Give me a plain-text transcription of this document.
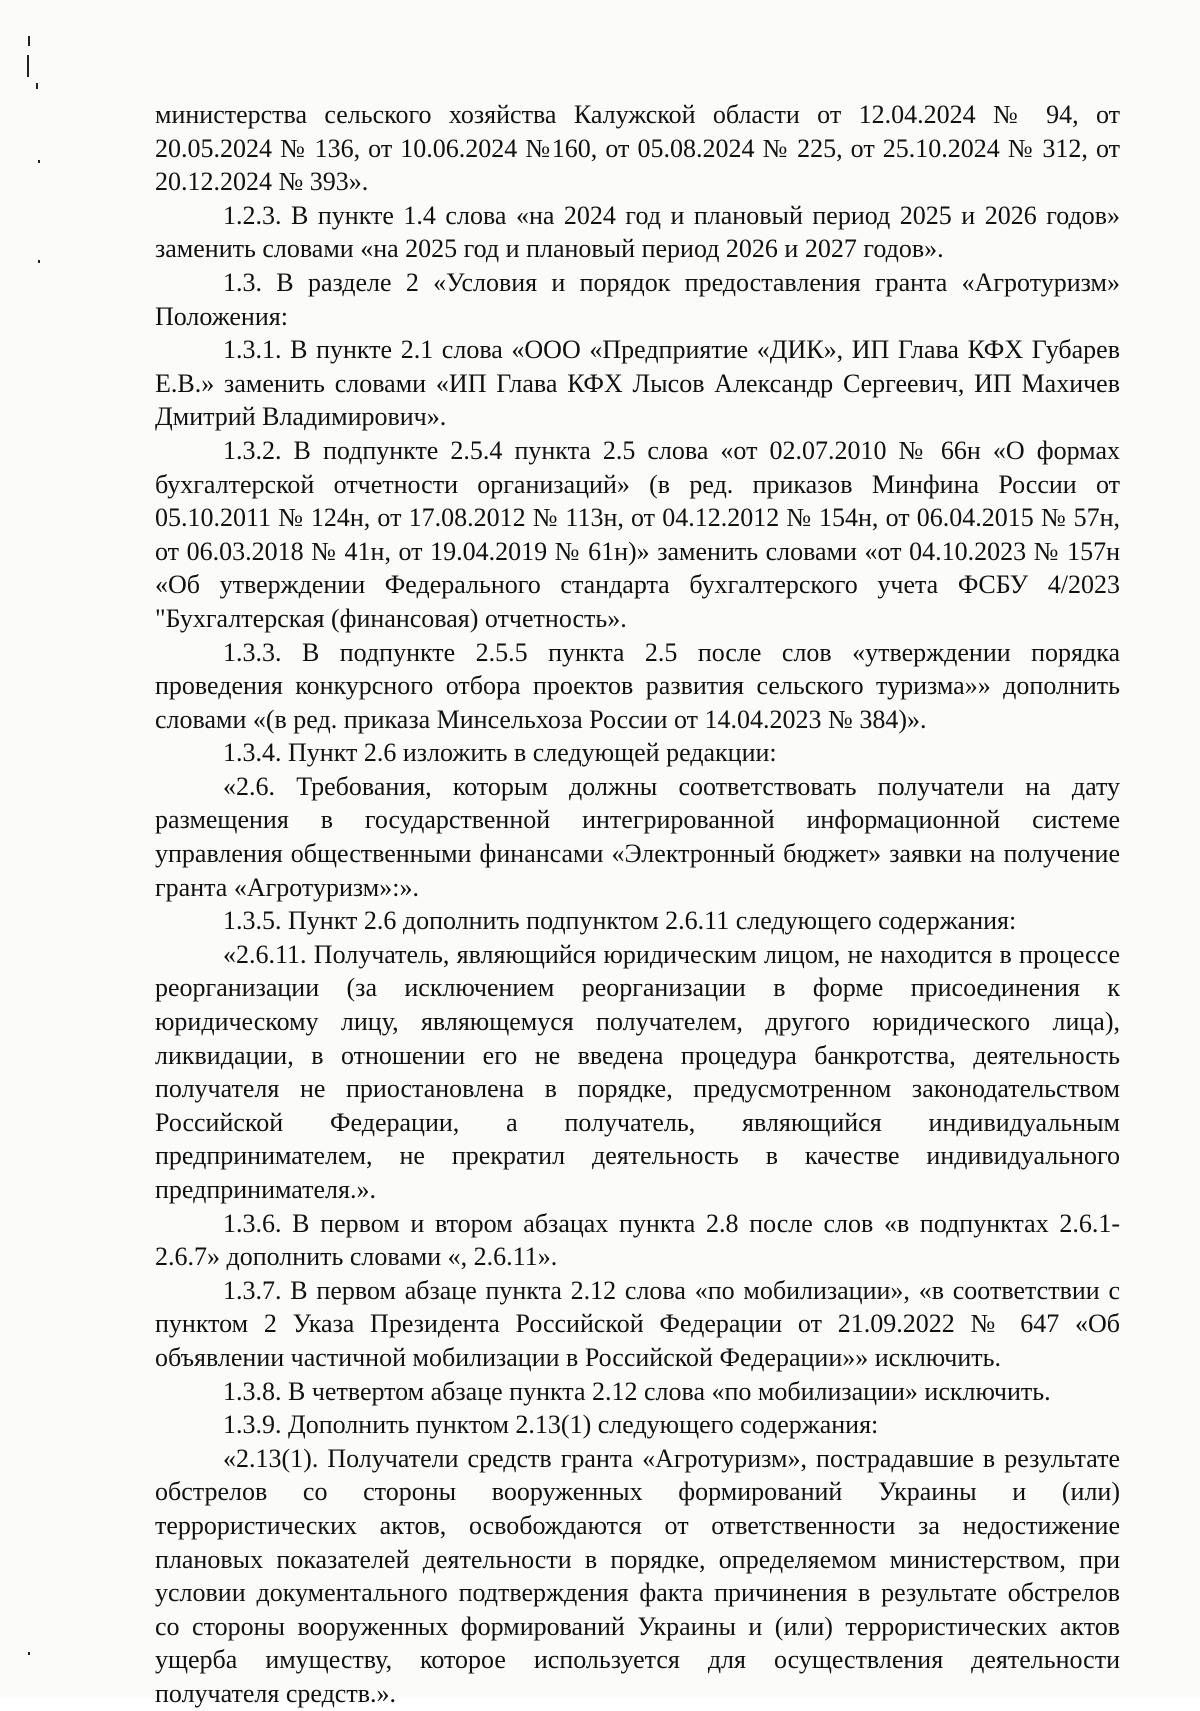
министерства сельского хозяйства Калужской области от 12.04.2024 № 94, от 20.05.2024 № 136, от 10.06.2024 №160, от 05.08.2024 № 225, от 25.10.2024 № 312, от 20.12.2024 № 393».

1.2.3. В пункте 1.4 слова «на 2024 год и плановый период 2025 и 2026 годов» заменить словами «на 2025 год и плановый период 2026 и 2027 годов».

1.3. В разделе 2 «Условия и порядок предоставления гранта «Агротуризм» Положения:

1.3.1. В пункте 2.1 слова «ООО «Предприятие «ДИК», ИП Глава КФХ Губарев Е.В.» заменить словами «ИП Глава КФХ Лысов Александр Сергеевич, ИП Махичев Дмитрий Владимирович».

1.3.2. В подпункте 2.5.4 пункта 2.5 слова «от 02.07.2010 № 66н «О формах бухгалтерской отчетности организаций» (в ред. приказов Минфина России от 05.10.2011 № 124н, от 17.08.2012 № 113н, от 04.12.2012 № 154н, от 06.04.2015 № 57н, от 06.03.2018 № 41н, от 19.04.2019 № 61н)» заменить словами «от 04.10.2023 № 157н «Об утверждении Федерального стандарта бухгалтерского учета ФСБУ 4/2023 "Бухгалтерская (финансовая) отчетность».

1.3.3. В подпункте 2.5.5 пункта 2.5 после слов «утверждении порядка проведения конкурсного отбора проектов развития сельского туризма»» дополнить словами «(в ред. приказа Минсельхоза России от 14.04.2023 № 384)».

1.3.4. Пункт 2.6 изложить в следующей редакции:

«2.6. Требования, которым должны соответствовать получатели на дату размещения в государственной интегрированной информационной системе управления общественными финансами «Электронный бюджет» заявки на получение гранта «Агротуризм»:».

1.3.5. Пункт 2.6 дополнить подпунктом 2.6.11 следующего содержания:

«2.6.11. Получатель, являющийся юридическим лицом, не находится в процессе реорганизации (за исключением реорганизации в форме присоединения к юридическому лицу, являющемуся получателем, другого юридического лица), ликвидации, в отношении его не введена процедура банкротства, деятельность получателя не приостановлена в порядке, предусмотренном законодательством Российской Федерации, а получатель, являющийся индивидуальным предпринимателем, не прекратил деятельность в качестве индивидуального предпринимателя.».

1.3.6. В первом и втором абзацах пункта 2.8 после слов «в подпунктах 2.6.1-2.6.7» дополнить словами «, 2.6.11».

1.3.7. В первом абзаце пункта 2.12 слова «по мобилизации», «в соответствии с пунктом 2 Указа Президента Российской Федерации от 21.09.2022 № 647 «Об объявлении частичной мобилизации в Российской Федерации»» исключить.

1.3.8. В четвертом абзаце пункта 2.12 слова «по мобилизации» исключить.

1.3.9. Дополнить пунктом 2.13(1) следующего содержания:

«2.13(1). Получатели средств гранта «Агротуризм», пострадавшие в результате обстрелов со стороны вооруженных формирований Украины и (или) террористических актов, освобождаются от ответственности за недостижение плановых показателей деятельности в порядке, определяемом министерством, при условии документального подтверждения факта причинения в результате обстрелов со стороны вооруженных формирований Украины и (или) террористических актов ущерба имуществу, которое используется для осуществления деятельности получателя средств.».
